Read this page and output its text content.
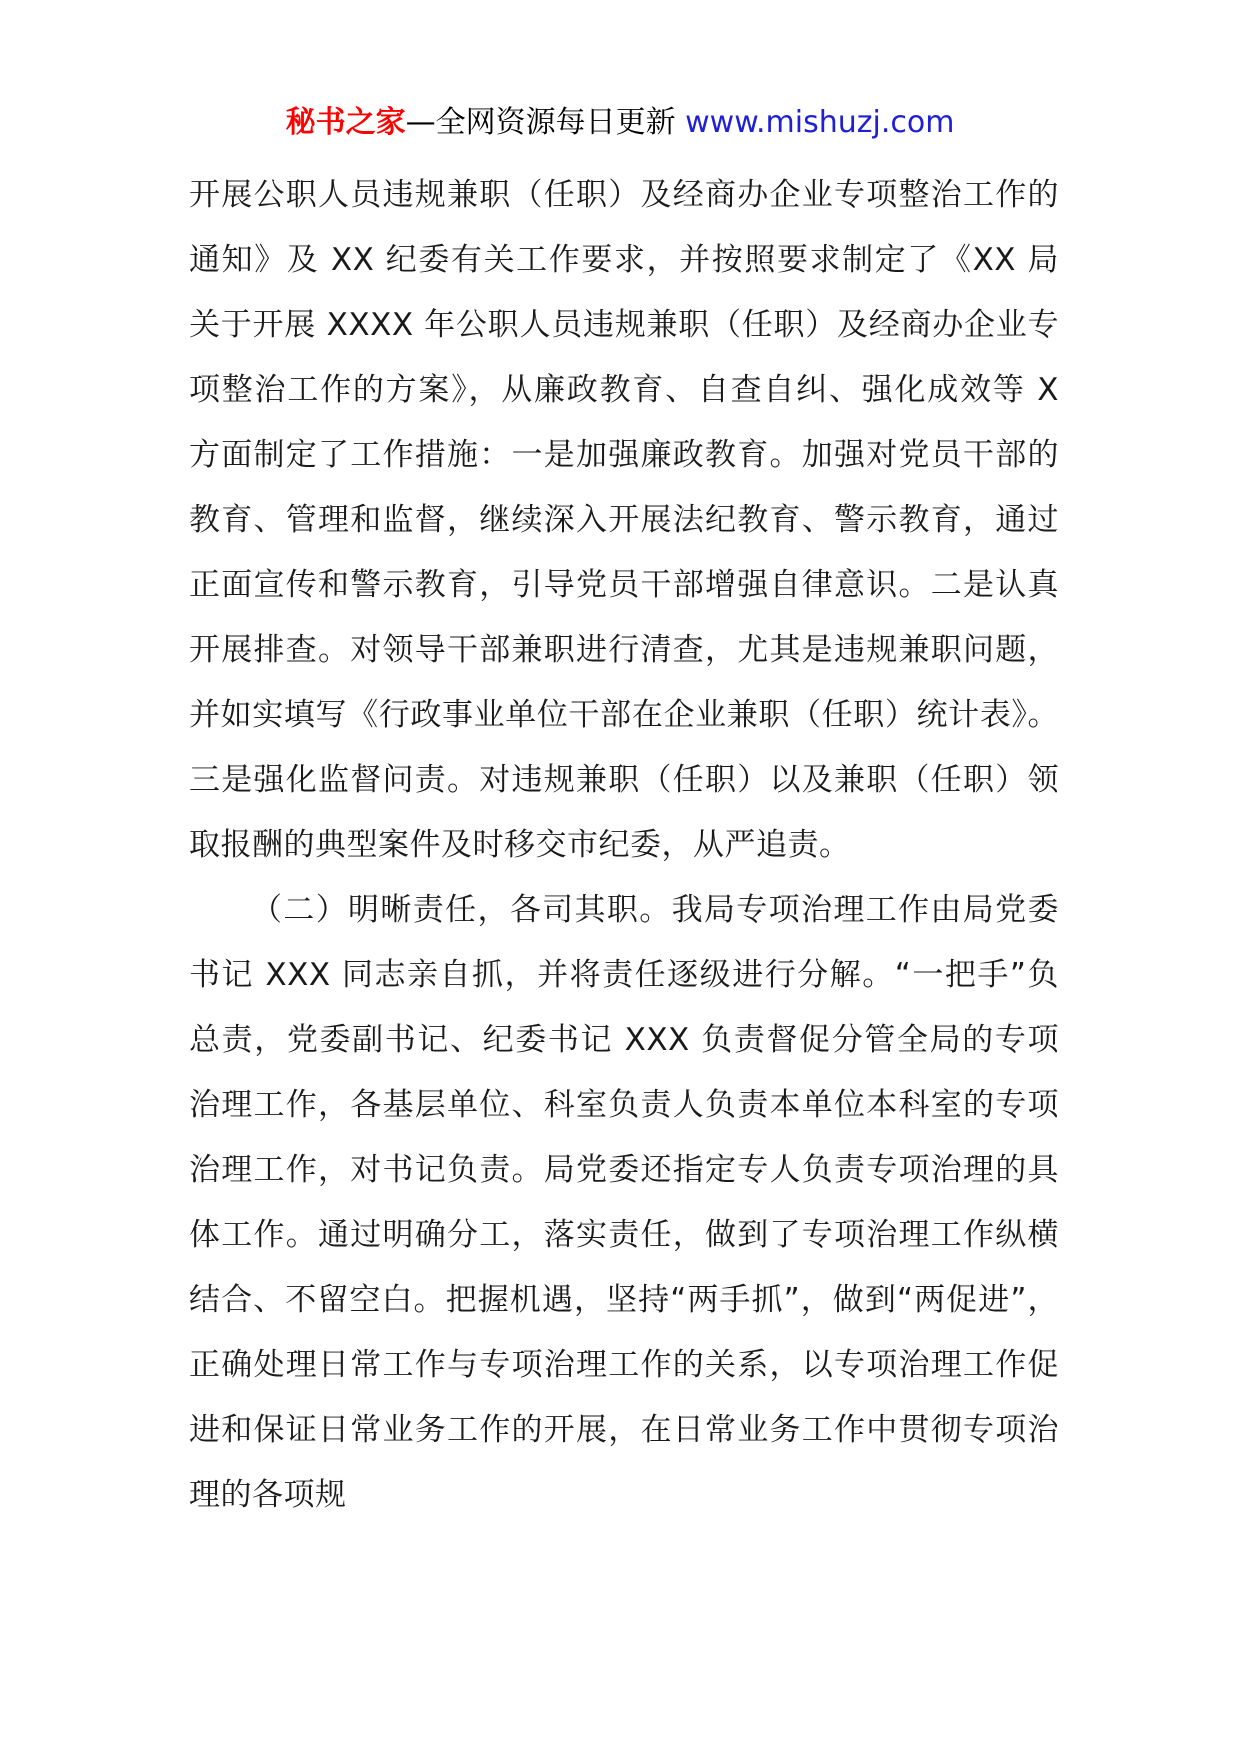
秘书之家—全网资源每日更新 www.mishuzj.com

开展公职人员违规兼职（任职）及经商办企业专项整治工作的通知》及 XX 纪委有关工作要求，并按照要求制定了《XX 局关于开展 XXXX 年公职人员违规兼职（任职）及经商办企业专项整治工作的方案》，从廉政教育、自查自纠、强化成效等 X 方面制定了工作措施：一是加强廉政教育。加强对党员干部的教育、管理和监督，继续深入开展法纪教育、警示教育，通过正面宣传和警示教育，引导党员干部增强自律意识。二是认真开展排查。对领导干部兼职进行清查，尤其是违规兼职问题，并如实填写《行政事业单位干部在企业兼职（任职）统计表》。三是强化监督问责。对违规兼职（任职）以及兼职（任职）领取报酬的典型案件及时移交市纪委，从严追责。

（二）明晰责任，各司其职。我局专项治理工作由局党委书记 XXX 同志亲自抓，并将责任逐级进行分解。“一把手”负总责，党委副书记、纪委书记 XXX 负责督促分管全局的专项治理工作，各基层单位、科室负责人负责本单位本科室的专项治理工作，对书记负责。局党委还指定专人负责专项治理的具体工作。通过明确分工，落实责任，做到了专项治理工作纵横结合、不留空白。把握机遇，坚持“两手抓”，做到“两促进”，正确处理日常工作与专项治理工作的关系，以专项治理工作促进和保证日常业务工作的开展，在日常业务工作中贯彻专项治理的各项规
